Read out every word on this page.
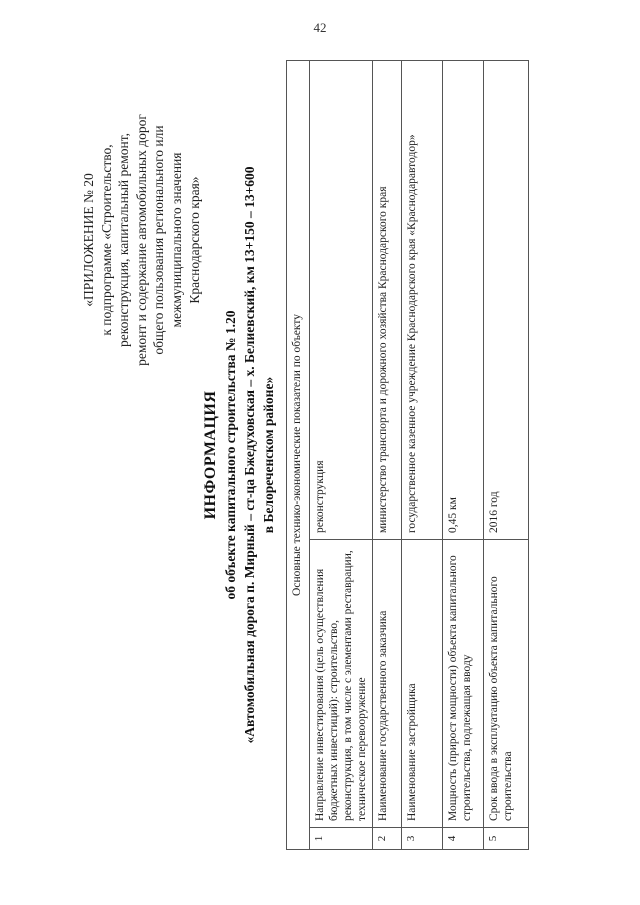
42
«ПРИЛОЖЕНИЕ № 20 к подпрограмме «Строительство, реконструкция, капитальный ремонт, ремонт и содержание автомобильных дорог общего пользования регионального или межмуниципального значения Краснодарского края»
ИНФОРМАЦИЯ об объекте капитального строительства № 1.20 «Автомобильная дорога п. Мирный – ст-ца Бжедуховская – х. Белиевский, км 13+150 – 13+600 в Белореченском районе» Основные технико-экономические показатели по объекту		
1	Направление инвестирования (цель осуществления бюджетных инвестиций): строительство, реконструкция, в том числе с элементами реставрации, техническое перевооружение	реконструкция
2	Наименование государственного заказчика	министерство транспорта и дорожного хозяйства Краснодарского края
3	Наименование застройщика	государственное казенное учреждение Краснодарского края «Краснодаравтодор»
4	Мощность (прирост мощности) объекта капитального строительства, подлежащая вводу	0,45 км
5	Срок ввода в эксплуатацию объекта капитального строительства	2016 год
